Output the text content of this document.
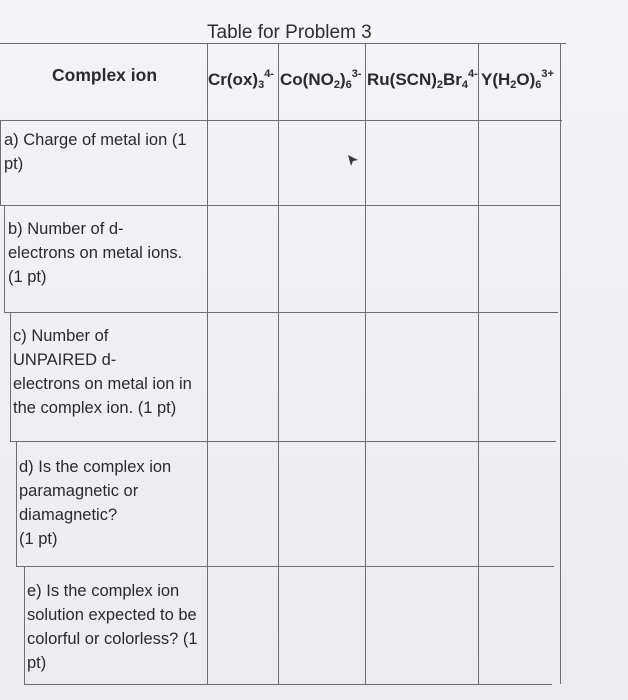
Table for Problem 3
Complex ion	$Cr(ox)_3^{4-}$ $Co(NO_2)_6^{3-}$ $Ru(SCN)_2Br_4^{4-}$ $Y(H_2O)_6^{3+}$
a) Charge of metal ion (1
pt)
b) Number of d-
electrons on metal ions.
(1 pt)
c) Number of
UNPAIRED d-
electrons on metal ion in
the complex ion. (1 pt)
d) Is the complex ion
paramagnetic or
diamagnetic?
(1 pt)
e) Is the complex ion
solution expected to be
colorful or colorless? (1
pt)
